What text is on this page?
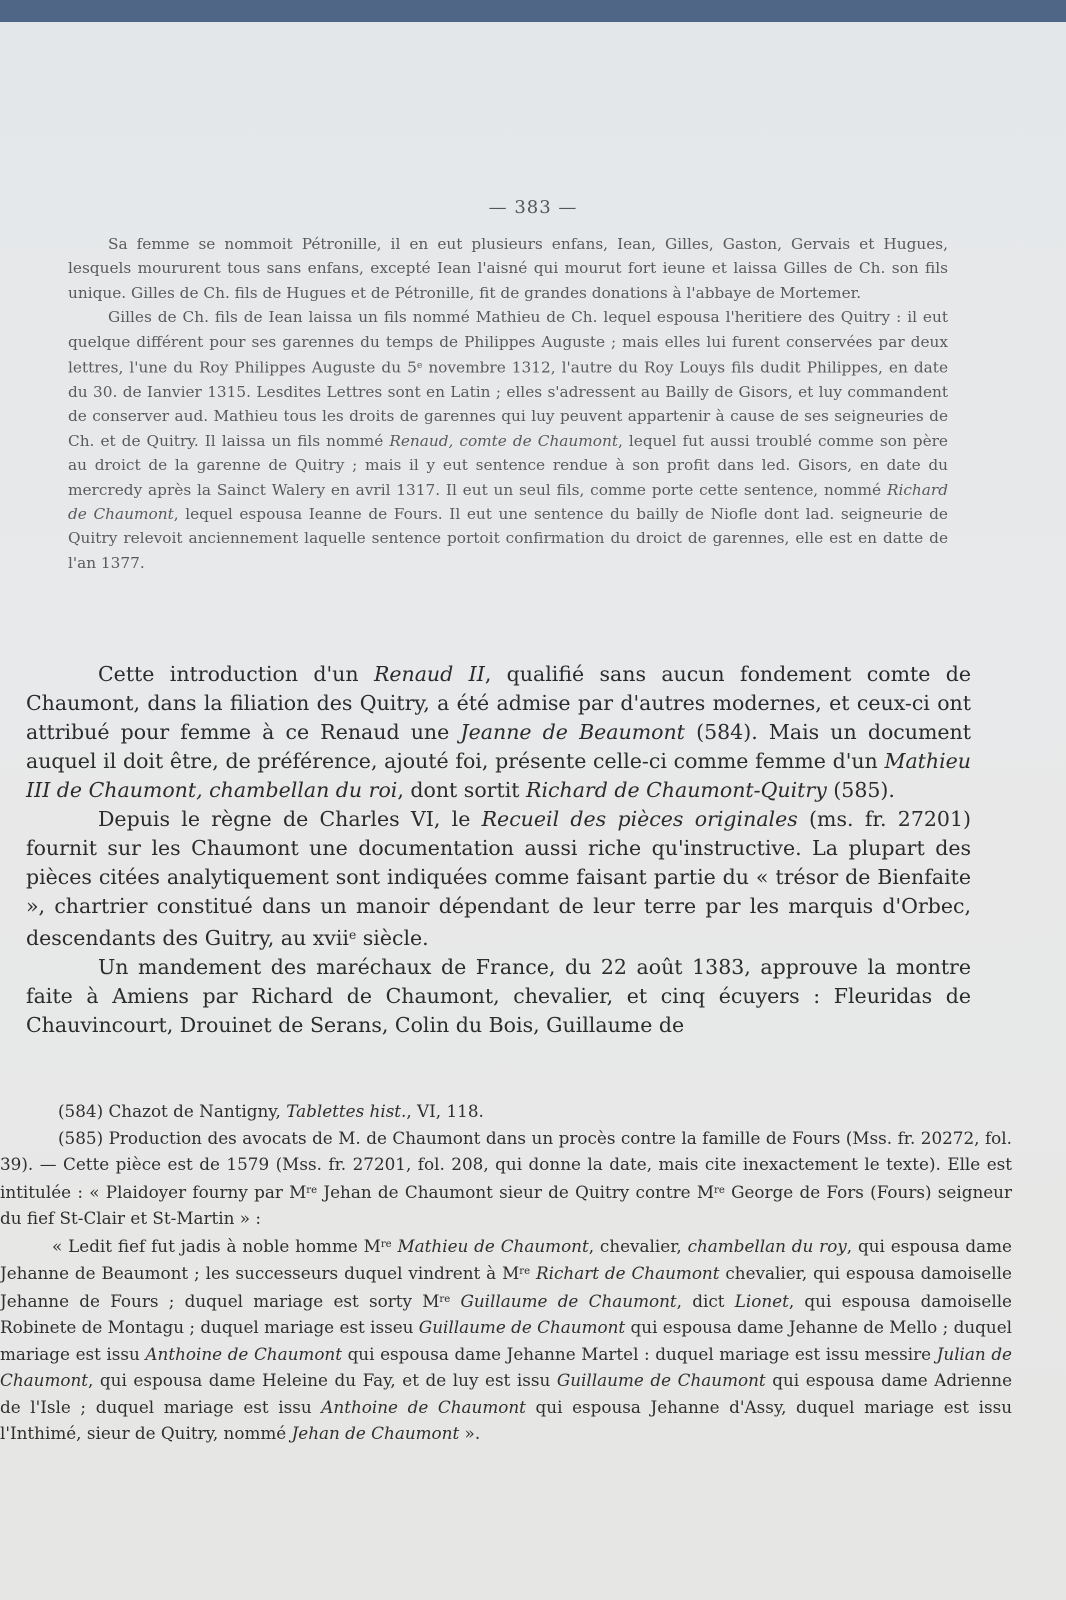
— 383 —

Sa femme se nommoit Pétronille, il en eut plusieurs enfans, Iean, Gilles, Gaston, Gervais et Hugues, lesquels moururent tous sans enfans, excepté Iean l'aisné qui mourut fort ieune et laissa Gilles de Ch. son fils unique. Gilles de Ch. fils de Hugues et de Pétronille, fit de grandes donations à l'abbaye de Mortemer.

Gilles de Ch. fils de Iean laissa un fils nommé Mathieu de Ch. lequel espousa l'heritiere des Quitry : il eut quelque différent pour ses garennes du temps de Philippes Auguste ; mais elles lui furent conservées par deux lettres, l'une du Roy Philippes Auguste du 5e novembre 1312, l'autre du Roy Louys fils dudit Philippes, en date du 30. de Ianvier 1315. Lesdites Lettres sont en Latin ; elles s'adressent au Bailly de Gisors, et luy commandent de conserver aud. Mathieu tous les droits de garennes qui luy peuvent appartenir à cause de ses seigneuries de Ch. et de Quitry. Il laissa un fils nommé Renaud, comte de Chaumont, lequel fut aussi troublé comme son père au droict de la garenne de Quitry ; mais il y eut sentence rendue à son profit dans led. Gisors, en date du mercredy après la Sainct Walery en avril 1317. Il eut un seul fils, comme porte cette sentence, nommé Richard de Chaumont, lequel espousa Ieanne de Fours. Il eut une sentence du bailly de Niofle dont lad. seigneurie de Quitry relevoit anciennement laquelle sentence portoit confirmation du droict de garennes, elle est en datte de l'an 1377.

Cette introduction d'un Renaud II, qualifié sans aucun fondement comte de Chaumont, dans la filiation des Quitry, a été admise par d'autres modernes, et ceux-ci ont attribué pour femme à ce Renaud une Jeanne de Beaumont (584). Mais un document auquel il doit être, de préférence, ajouté foi, présente celle-ci comme femme d'un Mathieu III de Chaumont, chambellan du roi, dont sortit Richard de Chaumont-Quitry (585).

Depuis le règne de Charles VI, le Recueil des pièces originales (ms. fr. 27201) fournit sur les Chaumont une documentation aussi riche qu'instructive. La plupart des pièces citées analytiquement sont indiquées comme faisant partie du « trésor de Bienfaite », chartrier constitué dans un manoir dépendant de leur terre par les marquis d'Orbec, descendants des Guitry, au xvii$^e$ siècle.

Un mandement des maréchaux de France, du 22 août 1383, approuve la montre faite à Amiens par Richard de Chaumont, chevalier, et cinq écuyers : Fleuridas de Chauvincourt, Drouinet de Serans, Colin du Bois, Guillaume de

(584) Chazot de Nantigny, Tablettes hist., VI, 118.

(585) Production des avocats de M. de Chaumont dans un procès contre la famille de Fours (Mss. fr. 20272, fol. 39). — Cette pièce est de 1579 (Mss. fr. 27201, fol. 208, qui donne la date, mais cite inexactement le texte). Elle est intitulée : « Plaidoyer fourny par Mre Jehan de Chaumont sieur de Quitry contre Mre George de Fors (Fours) seigneur du fief St-Clair et St-Martin » :

« Ledit fief fut jadis à noble homme Mre Mathieu de Chaumont, chevalier, chambellan du roy, qui espousa dame Jehanne de Beaumont ; les successeurs duquel vindrent à Mre Richart de Chaumont chevalier, qui espousa damoiselle Jehanne de Fours ; duquel mariage est sorty Mre Guillaume de Chaumont, dict Lionet, qui espousa damoiselle Robinete de Montagu ; duquel mariage est isseu Guillaume de Chaumont qui espousa dame Jehanne de Mello ; duquel mariage est issu Anthoine de Chaumont qui espousa dame Jehanne Martel : duquel mariage est issu messire Julian de Chaumont, qui espousa dame Heleine du Fay, et de luy est issu Guillaume de Chaumont qui espousa dame Adrienne de l'Isle ; duquel mariage est issu Anthoine de Chaumont qui espousa Jehanne d'Assy, duquel mariage est issu l'Inthimé, sieur de Quitry, nommé Jehan de Chaumont ».
